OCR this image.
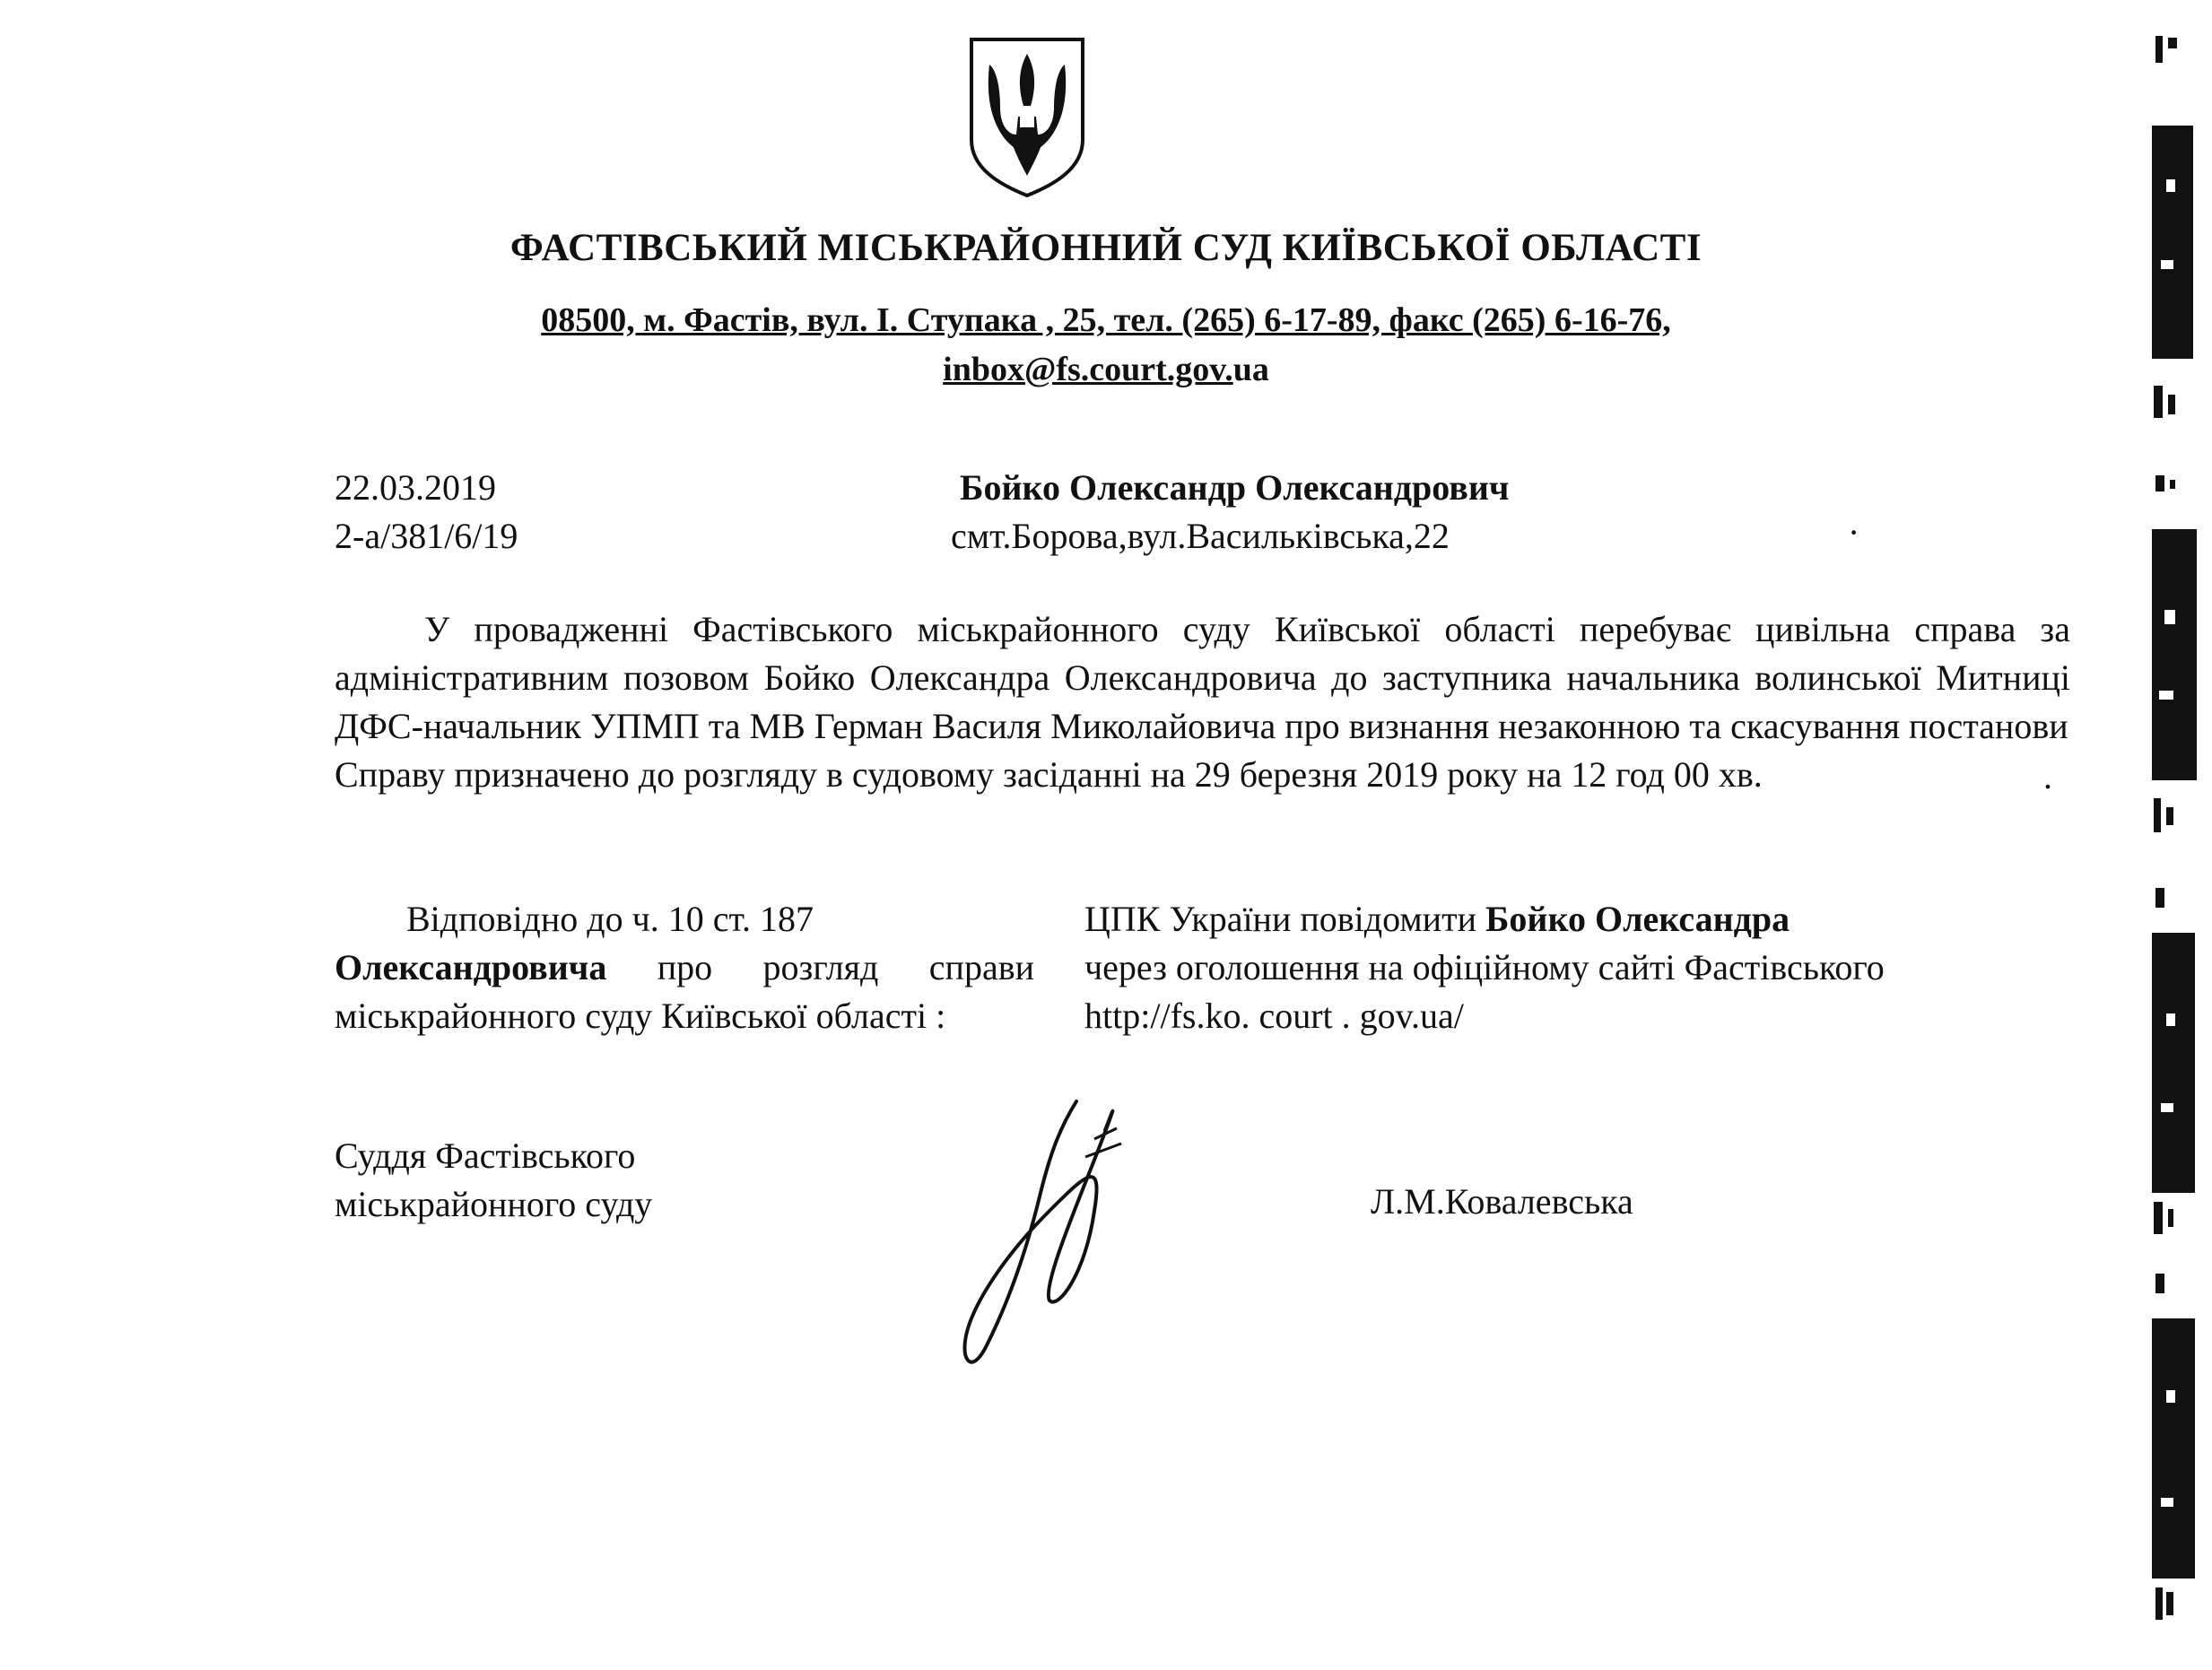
ФАСТІВСЬКИЙ МІСЬКРАЙОННИЙ СУД КИЇВСЬКОЇ ОБЛАСТІ
08500, м. Фастів, вул. І. Ступака , 25, тел. (265) 6-17-89, факс (265) 6-16-76,
inbox@fs.court.gov.ua
22.03.2019
2-а/381/6/19
Бойко Олександр Олександрович
смт.Борова,вул.Васильківська,22	·

У провадженні Фастівського міськрайонного суду Київської області перебуває цивільна справа за адміністративним позовом Бойко Олександра Олександровича до заступника начальника волинської Митниці ДФС-начальник УПМП та МВ Герман Василя Миколайовича про визнання незаконною та скасування постанови

Справу призначено до розгляду в судовому засіданні на 29 березня 2019 року на 12 год 00 хв.	.
Відповідно до ч. 10 ст. 187
Олександровича про розгляд справи міськрайонного суду Київської області :
ЦПК України повідомити Бойко Олександра
через оголошення на офіційному сайті Фастівського
http://fs.ko. court . gov.ua/
Суддя Фастівського
міськрайонного суду	Л.М.Ковалевська
